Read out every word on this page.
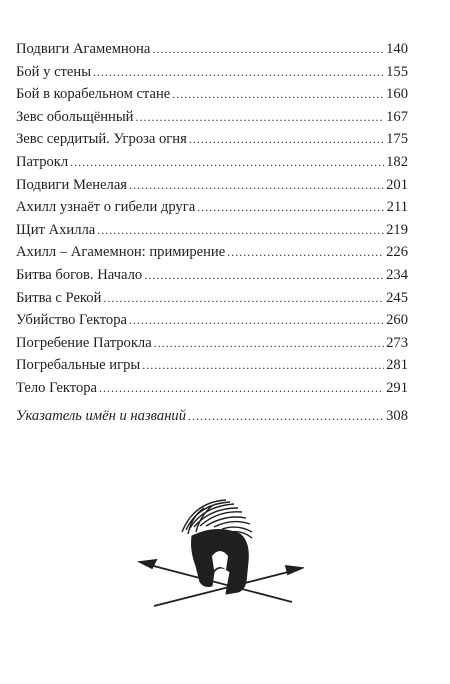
Подвиги Агамемнона .....	140
Бой у стены .....	155
Бой в корабельном стане .....	160
Зевс обольщённый .....	167
Зевс сердитый. Угроза огня .....	175
Патрокл .....	182
Подвиги Менелая .....	201
Ахилл узнаёт о гибели друга .....	211
Щит Ахилла .....	219
Ахилл – Агамемнон: примирение .....	226
Битва богов. Начало .....	234
Битва с Рекой .....	245
Убийство Гектора .....	260
Погребение Патрокла .....	273
Погребальные игры .....	281
Тело Гектора .....	291
Указатель имён и названий .....	308
